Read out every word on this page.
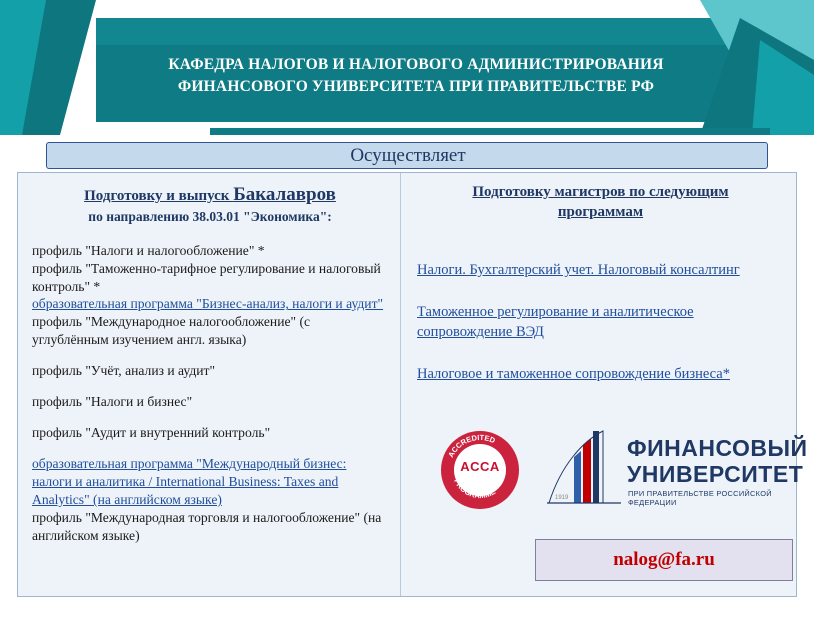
КАФЕДРА НАЛОГОВ И НАЛОГОВОГО АДМИНИСТРИРОВАНИЯ
ФИНАНСОВОГО УНИВЕРСИТЕТА ПРИ ПРАВИТЕЛЬСТВЕ РФ
Осуществляет
Подготовку и выпуск Бакалавров
по направлению 38.03.01 "Экономика":
профиль "Налоги и налогообложение" *
профиль "Таможенно-тарифное регулирование и налоговый контроль" *
образовательная программа "Бизнес-анализ, налоги и аудит"
профиль "Международное налогообложение" (с углублённым изучением англ. языка)
профиль "Учёт, анализ и аудит"
профиль "Налоги и бизнес"
профиль "Аудит и внутренний контроль"
образовательная программа "Международный бизнес: налоги и аналитика / International Business: Taxes and Analytics" (на английском языке)
профиль "Международная торговля и налогообложение" (на английском языке)
Подготовку магистров по следующим
программам
Налоги. Бухгалтерский учет. Налоговый консалтинг
Таможенное регулирование и аналитическое сопровождение ВЭД
Налоговое и таможенное сопровождение бизнеса*
ACCREDITED
PROGRAMME
ACCA
ФИНАНСОВЫЙ
УНИВЕРСИТЕТ
ПРИ ПРАВИТЕЛЬСТВЕ РОССИЙСКОЙ ФЕДЕРАЦИИ
1919
nalog@fa.ru
